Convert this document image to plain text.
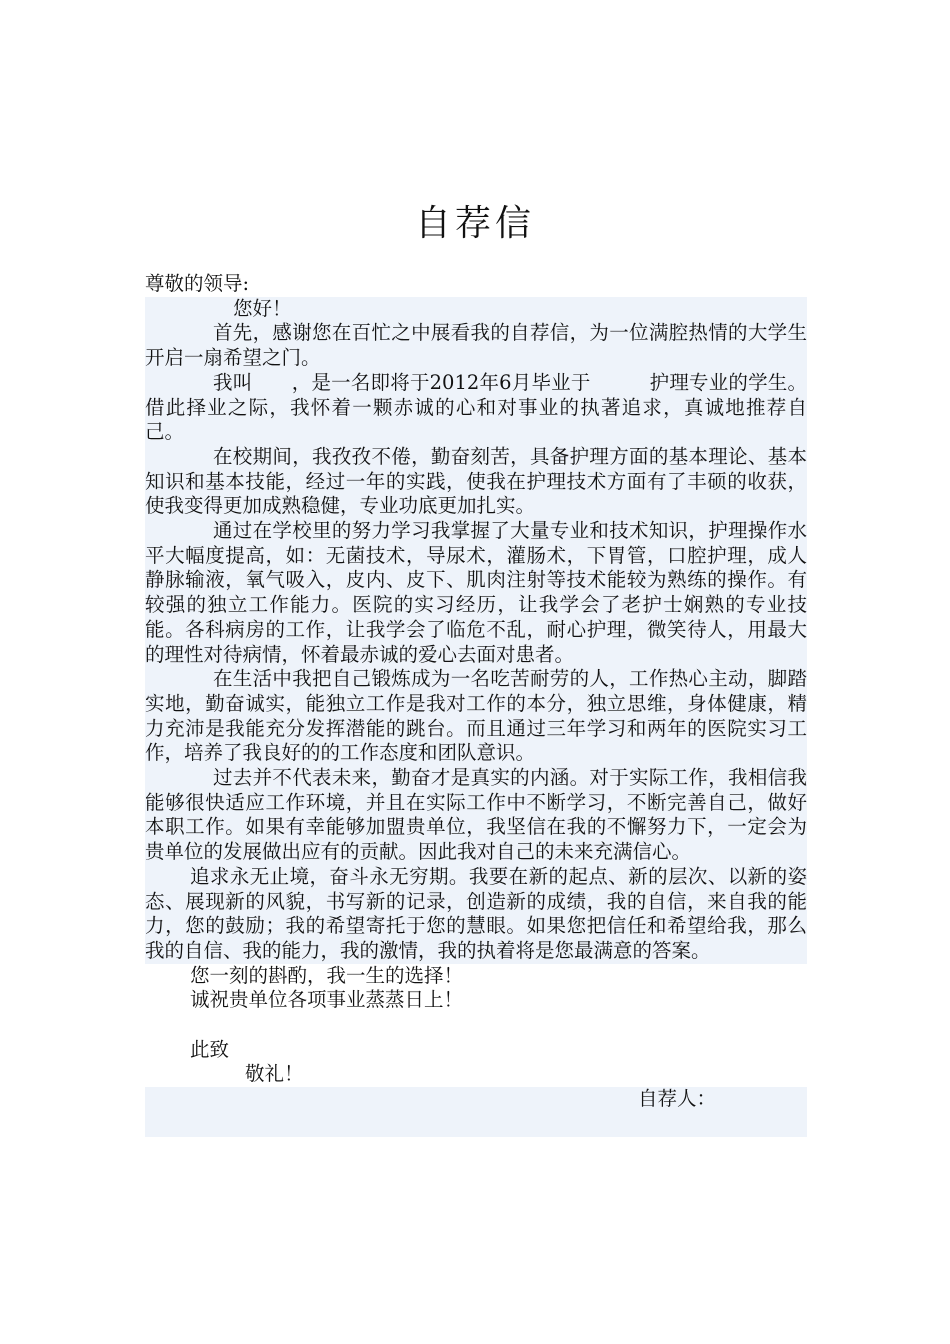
自荐信

尊敬的领导:

您好！

首先，感谢您在百忙之中展看我的自荐信，为一位满腔热情的大学生开启一扇希望之门。

我叫　　，是一名即将于2012年6月毕业于　　　护理专业的学生。借此择业之际，我怀着一颗赤诚的心和对事业的执著追求，真诚地推荐自己。

在校期间，我孜孜不倦，勤奋刻苦，具备护理方面的基本理论、基本知识和基本技能，经过一年的实践，使我在护理技术方面有了丰硕的收获，使我变得更加成熟稳健，专业功底更加扎实。

通过在学校里的努力学习我掌握了大量专业和技术知识，护理操作水平大幅度提高，如：无菌技术，导尿术，灌肠术，下胃管，口腔护理，成人静脉输液，氧气吸入，皮内、皮下、肌肉注射等技术能较为熟练的操作。有较强的独立工作能力。医院的实习经历，让我学会了老护士娴熟的专业技能。各科病房的工作，让我学会了临危不乱，耐心护理，微笑待人，用最大的理性对待病情，怀着最赤诚的爱心去面对患者。

在生活中我把自己锻炼成为一名吃苦耐劳的人，工作热心主动，脚踏实地，勤奋诚实，能独立工作是我对工作的本分，独立思维，身体健康，精力充沛是我能充分发挥潜能的跳台。而且通过三年学习和两年的医院实习工作，培养了我良好的的工作态度和团队意识。

过去并不代表未来，勤奋才是真实的内涵。对于实际工作，我相信我能够很快适应工作环境，并且在实际工作中不断学习，不断完善自己，做好本职工作。如果有幸能够加盟贵单位，我坚信在我的不懈努力下，一定会为贵单位的发展做出应有的贡献。因此我对自己的未来充满信心。

追求永无止境，奋斗永无穷期。我要在新的起点、新的层次、以新的姿态、展现新的风貌，书写新的记录，创造新的成绩，我的自信，来自我的能力，您的鼓励；我的希望寄托于您的慧眼。如果您把信任和希望给我，那么我的自信、我的能力，我的激情，我的执着将是您最满意的答案。

您一刻的斟酌，我一生的选择！

诚祝贵单位各项事业蒸蒸日上！

此致

敬礼！

自荐人：
